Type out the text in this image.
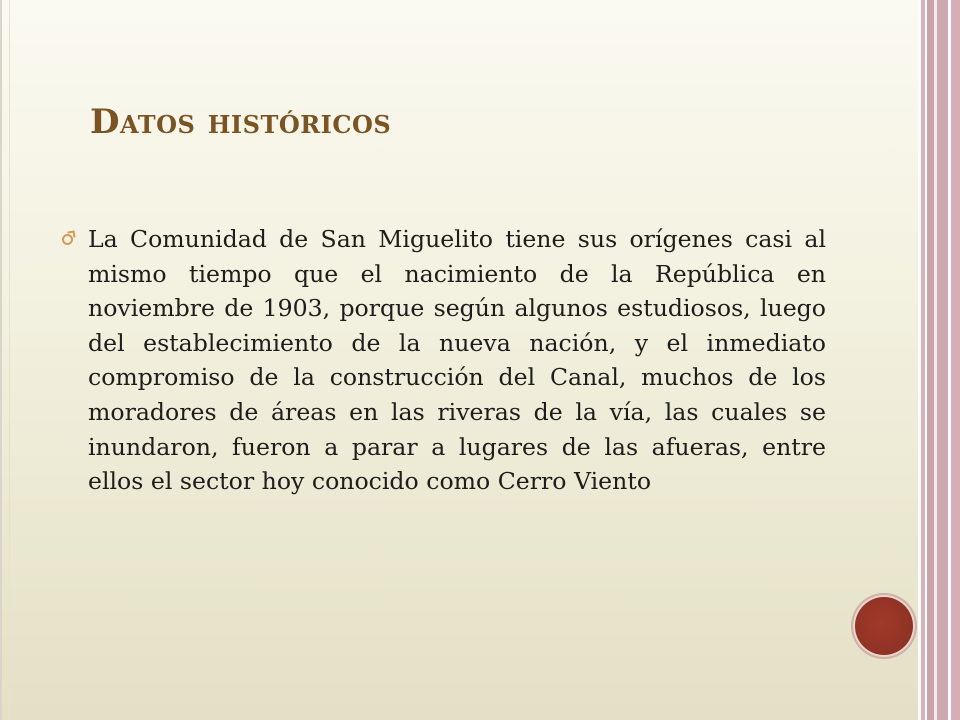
Datos históricos

La Comunidad de San Miguelito tiene sus orígenes casi al mismo tiempo que el nacimiento de la República en noviembre de 1903, porque según algunos estudiosos, luego del establecimiento de la nueva nación, y el inmediato compromiso de la construcción del Canal, muchos de los moradores de áreas en las riveras de la vía, las cuales se inundaron, fueron a parar a lugares de las afueras, entre ellos el sector hoy conocido como Cerro Viento
